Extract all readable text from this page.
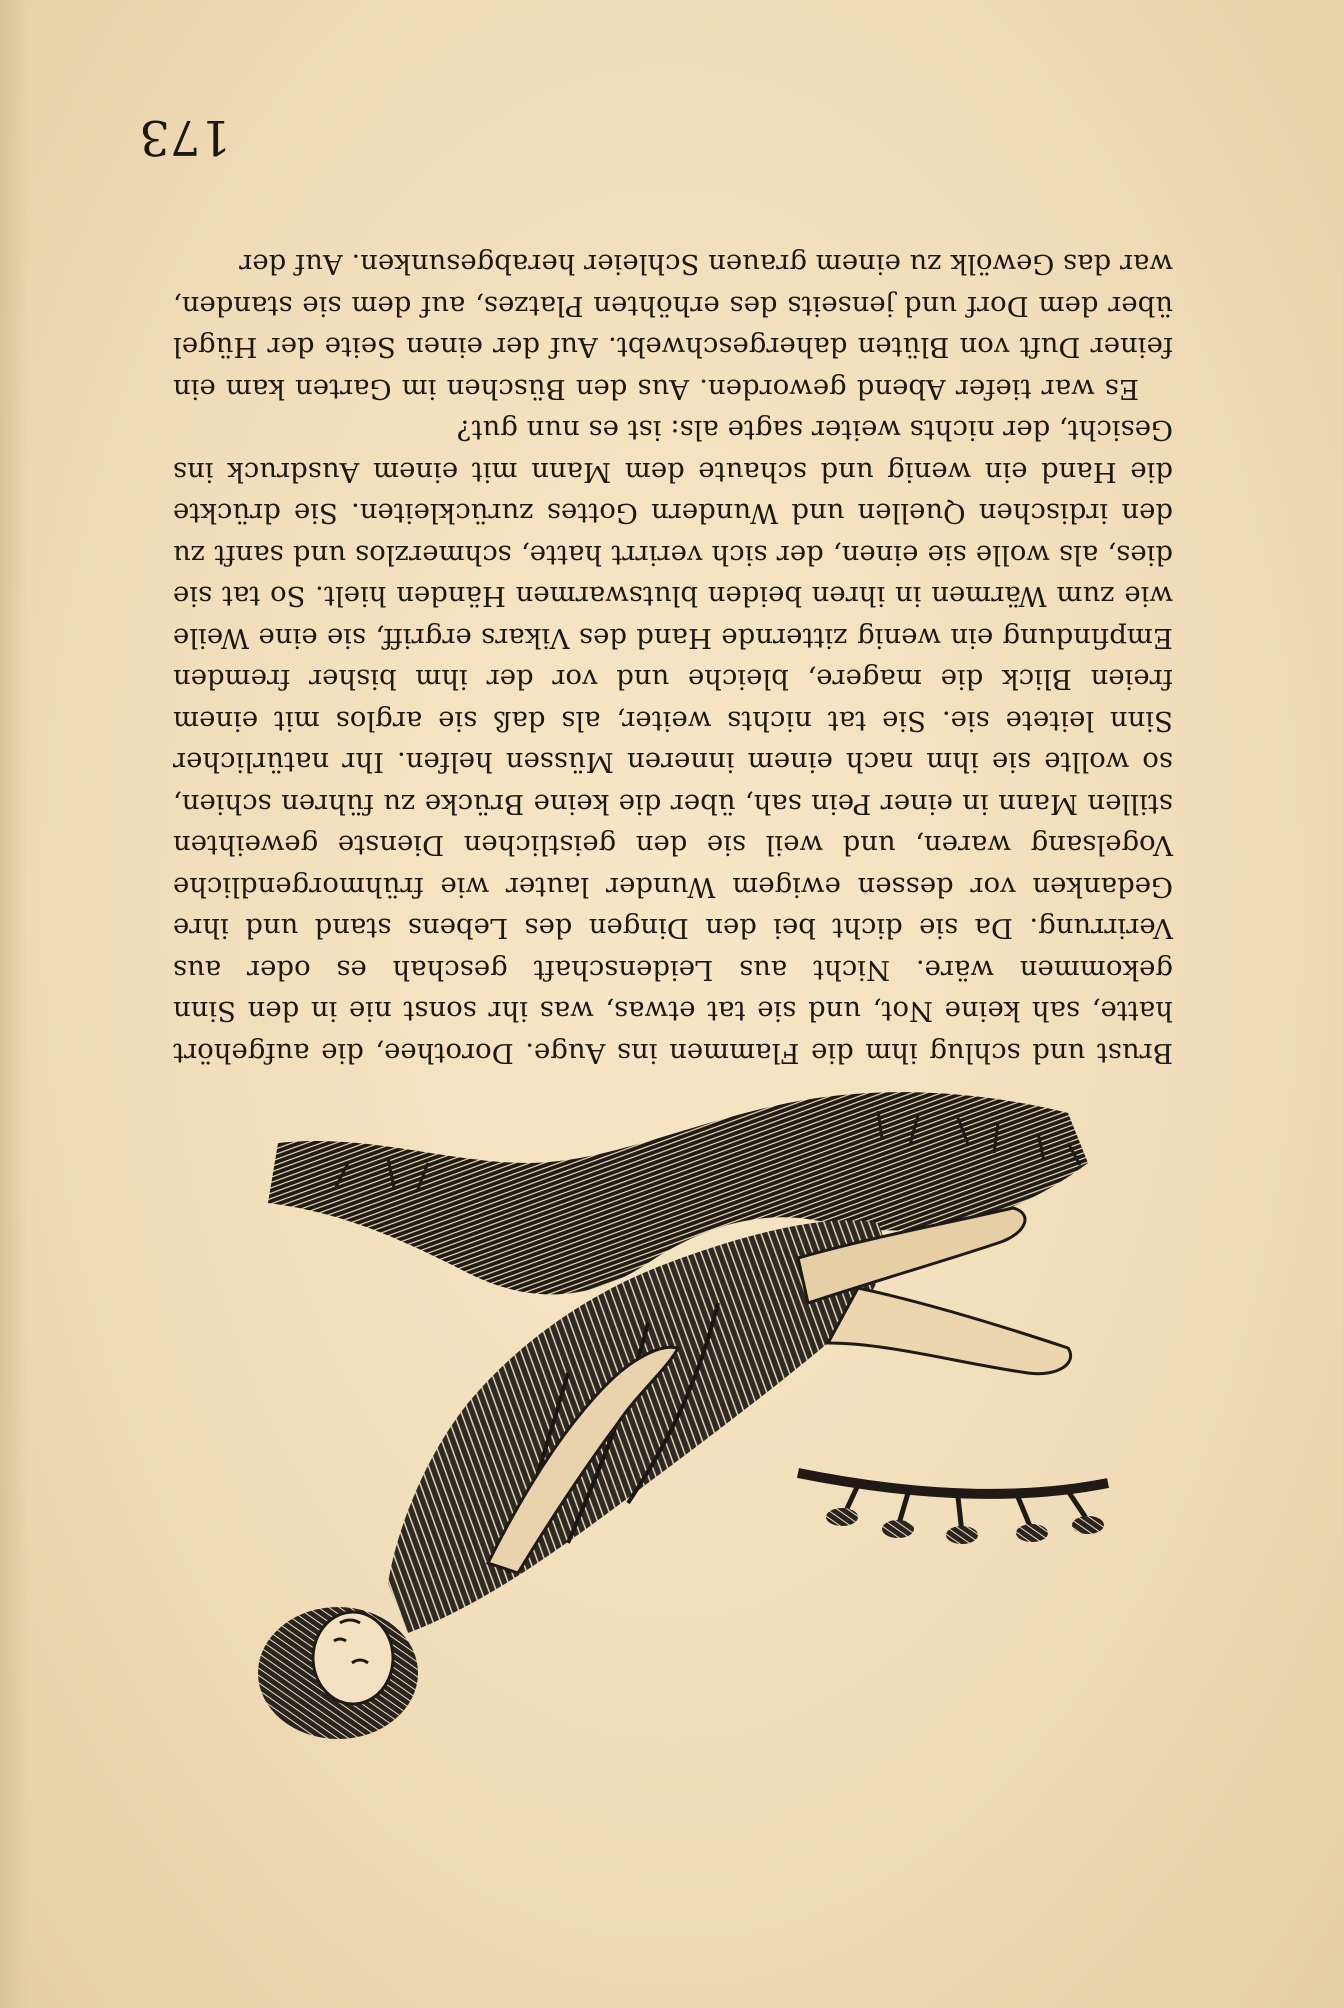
Brust und schlug ihm die Flammen ins Auge. Dorothee, die aufgehört hatte, sah keine Not, und sie tat etwas, was ihr sonst nie in den Sinn gekommen wäre. Nicht aus Leidenschaft geschah es oder aus Verirrung. Da sie dicht bei den Dingen des Lebens stand und ihre Gedanken vor dessen ewigem Wunder lauter wie frühmorgendliche Vogelsang waren, und weil sie den geistlichen Dienste geweihten stillen Mann in einer Pein sah, über die keine Brücke zu führen schien, so wollte sie ihm nach einem inneren Müssen helfen. Ihr natürlicher Sinn leitete sie. Sie tat nichts weiter, als daß sie arglos mit einem freien Blick die magere, bleiche und vor der ihm bisher fremden Empfindung ein wenig zitternde Hand des Vikars ergriff, sie eine Weile wie zum Wärmen in ihren beiden blutswarmen Händen hielt. So tat sie dies, als wolle sie einen, der sich verirrt hatte, schmerzlos und sanft zu den irdischen Quellen und Wundern Gottes zurückleiten. Sie drückte die Hand ein wenig und schaute dem Mann mit einem Ausdruck ins Gesicht, der nichts weiter sagte als: ist es nun gut?

Es war tiefer Abend geworden. Aus den Büschen im Garten kam ein feiner Duft von Blüten dahergeschwebt. Auf der einen Seite der Hügel über dem Dorf und jenseits des erhöhten Platzes, auf dem sie standen, war das Gewölk zu einem grauen Schleier herabgesunken. Auf der

173
